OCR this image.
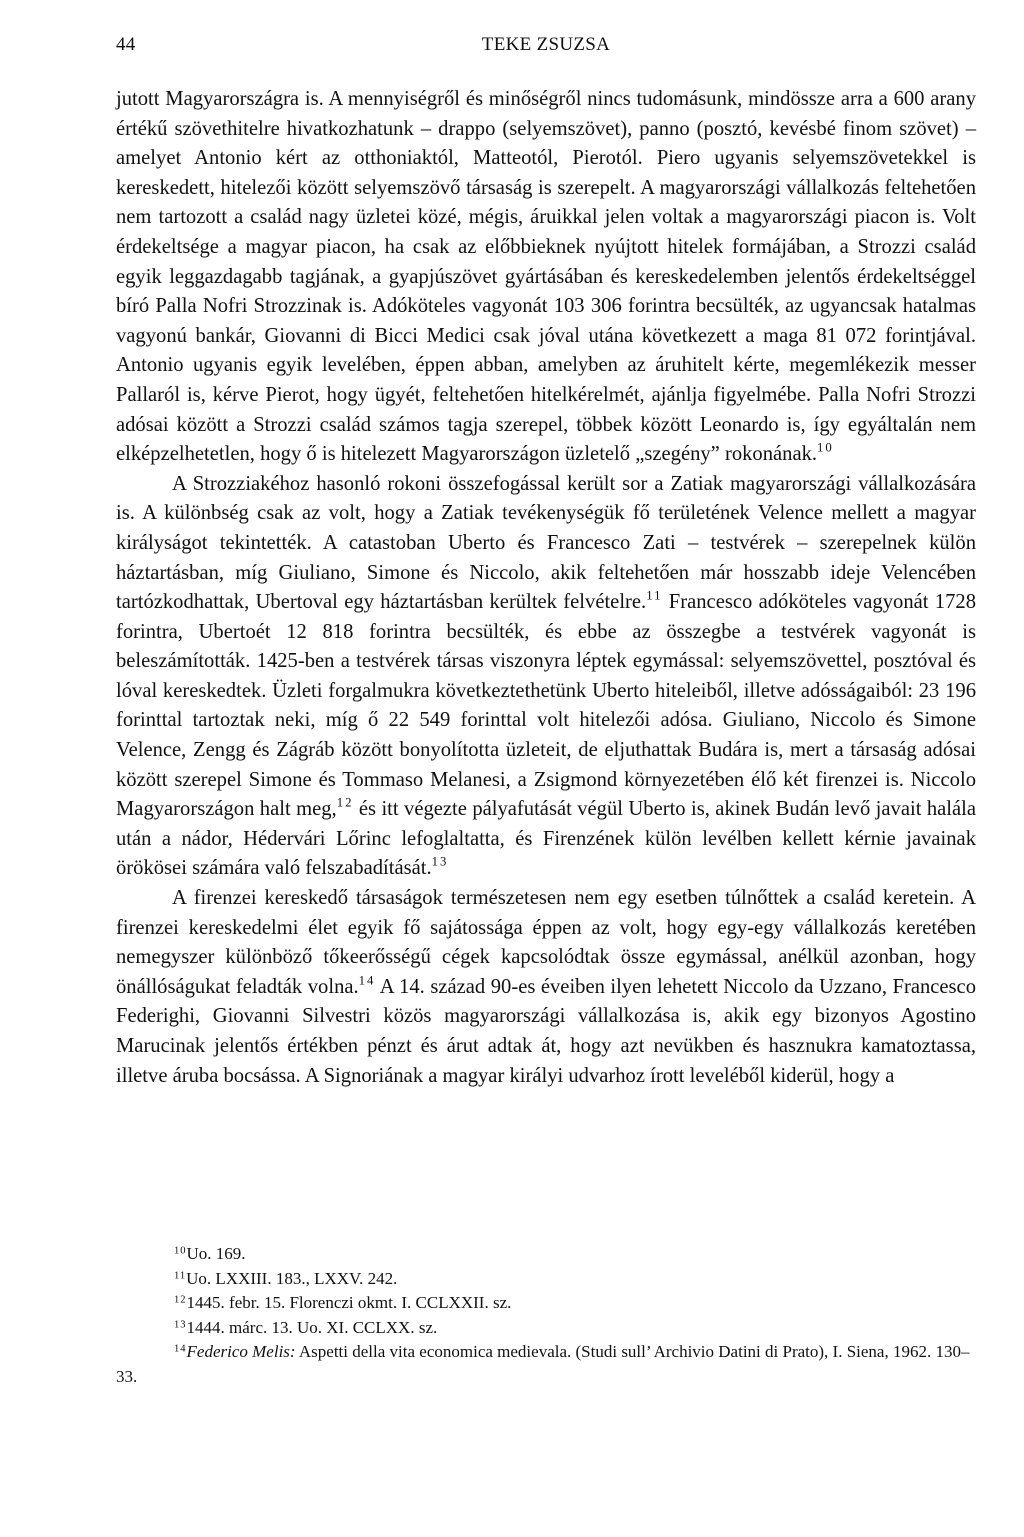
44	TEKE ZSUZSA

jutott Magyarországra is. A mennyiségről és minőségről nincs tudomásunk, mindössze arra a 600 arany értékű szövethitelre hivatkozhatunk – drappo (selyemszövet), panno (posztó, kevésbé finom szövet) – amelyet Antonio kért az otthoniaktól, Matteotól, Pierotól. Piero ugyanis selyemszövetekkel is kereskedett, hitelezői között selyemszövő társaság is szerepelt. A magyarországi vállalkozás feltehetően nem tartozott a család nagy üzletei közé, mégis, áruikkal jelen voltak a magyarországi piacon is. Volt érdekeltsége a magyar piacon, ha csak az előbbieknek nyújtott hitelek formájában, a Strozzi család egyik leggazdagabb tagjának, a gyapjúszövet gyártásában és kereskedelemben jelentős érdekeltséggel bíró Palla Nofri Strozzinak is. Adóköteles vagyonát 103 306 forintra becsülték, az ugyancsak hatalmas vagyonú bankár, Giovanni di Bicci Medici csak jóval utána következett a maga 81 072 forintjával. Antonio ugyanis egyik levelében, éppen abban, amelyben az áruhitelt kérte, megemlékezik messer Pallaról is, kérve Pierot, hogy ügyét, feltehetően hitelkérelmét, ajánlja figyelmébe. Palla Nofri Strozzi adósai között a Strozzi család számos tagja szerepel, többek között Leonardo is, így egyáltalán nem elképzelhetetlen, hogy ő is hitelezett Magyarországon üzletelő „szegény” rokonának.$^{10}$

A Strozziakéhoz hasonló rokoni összefogással került sor a Zatiak magyarországi vállalkozására is. A különbség csak az volt, hogy a Zatiak tevékenységük fő területének Velence mellett a magyar királyságot tekintették. A catastoban Uberto és Francesco Zati – testvérek – szerepelnek külön háztartásban, míg Giuliano, Simone és Niccolo, akik feltehetően már hosszabb ideje Velencében tartózkodhattak, Ubertoval egy háztartásban kerültek felvételre.$^{11}$ Francesco adóköteles vagyonát 1728 forintra, Ubertoét 12 818 forintra becsülték, és ebbe az összegbe a testvérek vagyonát is beleszámították. 1425-ben a testvérek társas viszonyra léptek egymással: selyemszövettel, posztóval és lóval kereskedtek. Üzleti forgalmukra következtethetünk Uberto hiteleiből, illetve adósságaiból: 23 196 forinttal tartoztak neki, míg ő 22 549 forinttal volt hitelezői adósa. Giuliano, Niccolo és Simone Velence, Zengg és Zágráb között bonyolította üzleteit, de eljuthattak Budára is, mert a társaság adósai között szerepel Simone és Tommaso Melanesi, a Zsigmond környezetében élő két firenzei is. Niccolo Magyarországon halt meg,$^{12}$ és itt végezte pályafutását végül Uberto is, akinek Budán levő javait halála után a nádor, Hédervári Lőrinc lefoglaltatta, és Firenzének külön levélben kellett kérnie javainak örökösei számára való felszabadítását.$^{13}$

A firenzei kereskedő társaságok természetesen nem egy esetben túlnőttek a család keretein. A firenzei kereskedelmi élet egyik fő sajátossága éppen az volt, hogy egy-egy vállalkozás keretében nemegyszer különböző tőkeerősségű cégek kapcsolódtak össze egymással, anélkül azonban, hogy önállóságukat feladták volna.$^{14}$ A 14. század 90-es éveiben ilyen lehetett Niccolo da Uzzano, Francesco Federighi, Giovanni Silvestri közös magyarországi vállalkozása is, akik egy bizonyos Agostino Marucinak jelentős értékben pénzt és árut adtak át, hogy azt nevükben és hasznukra kamatoztassa, illetve áruba bocsássa. A Signoriának a magyar királyi udvarhoz írott leveléből kiderül, hogy a

$^{10}$Uo. 169.
$^{11}$Uo. LXXIII. 183., LXXV. 242.
$^{12}$1445. febr. 15. Florenczi okmt. I. CCLXXII. sz.
$^{13}$1444. márc. 13. Uo. XI. CCLXX. sz.
$^{14}$Federico Melis: Aspetti della vita economica medievala. (Studi sull’ Archivio Datini di Prato), I. Siena, 1962. 130–33.
